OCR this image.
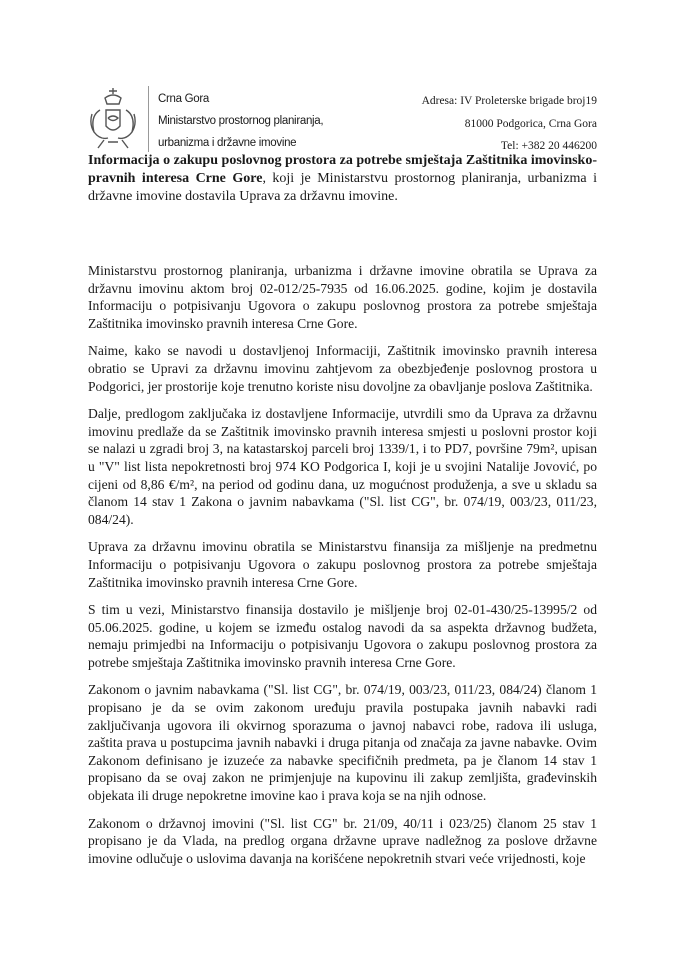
Crna Gora
Ministarstvo prostornog planiranja,
urbanizma i državne imovine
Adresa: IV Proleterske brigade broj19
81000 Podgorica, Crna Gora
Tel: +382 20 446200
Informacija o zakupu poslovnog prostora za potrebe smještaja Zaštitnika imovinsko-pravnih interesa Crne Gore, koji je Ministarstvu prostornog planiranja, urbanizma i državne imovine dostavila Uprava za državnu imovine.

Ministarstvu prostornog planiranja, urbanizma i državne imovine obratila se Uprava za državnu imovinu aktom broj 02-012/25-7935 od 16.06.2025. godine, kojim je dostavila Informaciju o potpisivanju Ugovora o zakupu poslovnog prostora za potrebe smještaja Zaštitnika imovinsko pravnih interesa Crne Gore.

Naime, kako se navodi u dostavljenoj Informaciji, Zaštitnik imovinsko pravnih interesa obratio se Upravi za državnu imovinu zahtjevom za obezbjeđenje poslovnog prostora u Podgorici, jer prostorije koje trenutno koriste nisu dovoljne za obavljanje poslova Zaštitnika.

Dalje, predlogom zaključaka iz dostavljene Informacije, utvrdili smo da Uprava za državnu imovinu predlaže da se Zaštitnik imovinsko pravnih interesa smjesti u poslovni prostor koji se nalazi u zgradi broj 3, na katastarskoj parceli broj 1339/1, i to PD7, površine 79m², upisan u "V" list lista nepokretnosti broj 974 KO Podgorica I, koji je u svojini Natalije Jovović, po cijeni od 8,86 €/m², na period od godinu dana, uz mogućnost produženja, a sve u skladu sa članom 14 stav 1 Zakona o javnim nabavkama ("Sl. list CG", br. 074/19, 003/23, 011/23, 084/24).

Uprava za državnu imovinu obratila se Ministarstvu finansija za mišljenje na predmetnu Informaciju o potpisivanju Ugovora o zakupu poslovnog prostora za potrebe smještaja Zaštitnika imovinsko pravnih interesa Crne Gore.

S tim u vezi, Ministarstvo finansija dostavilo je mišljenje broj 02-01-430/25-13995/2 od 05.06.2025. godine, u kojem se između ostalog navodi da sa aspekta državnog budžeta, nemaju primjedbi na Informaciju o potpisivanju Ugovora o zakupu poslovnog prostora za potrebe smještaja Zaštitnika imovinsko pravnih interesa Crne Gore.

Zakonom o javnim nabavkama ("Sl. list CG", br. 074/19, 003/23, 011/23, 084/24) članom 1 propisano je da se ovim zakonom uređuju pravila postupaka javnih nabavki radi zaključivanja ugovora ili okvirnog sporazuma o javnoj nabavci robe, radova ili usluga, zaštita prava u postupcima javnih nabavki i druga pitanja od značaja za javne nabavke. Ovim Zakonom definisano je izuzeće za nabavke specifičnih predmeta, pa je članom 14 stav 1 propisano da se ovaj zakon ne primjenjuje na kupovinu ili zakup zemljišta, građevinskih objekata ili druge nepokretne imovine kao i prava koja se na njih odnose.

Zakonom o državnoj imovini ("Sl. list CG" br. 21/09, 40/11 i 023/25) članom 25 stav 1 propisano je da Vlada, na predlog organa državne uprave nadležnog za poslove državne imovine odlučuje o uslovima davanja na korišćene nepokretnih stvari veće vrijednosti, koje
